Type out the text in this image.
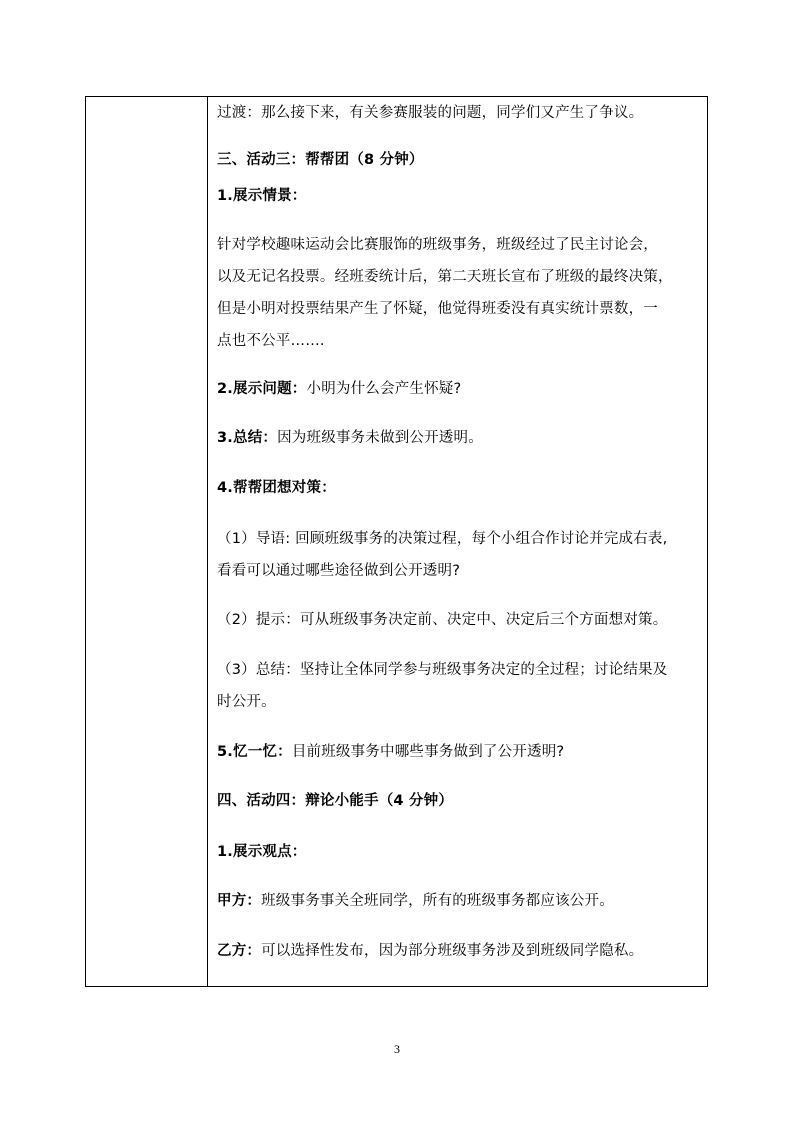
过渡：那么接下来，有关参赛服装的问题，同学们又产生了争议。
三、活动三：帮帮团（8 分钟）
1.展示情景：
针对学校趣味运动会比赛服饰的班级事务，班级经过了民主讨论会，
以及无记名投票。经班委统计后，第二天班长宣布了班级的最终决策，
但是小明对投票结果产生了怀疑，他觉得班委没有真实统计票数，一
点也不公平…….
2.展示问题：小明为什么会产生怀疑?
3.总结：因为班级事务未做到公开透明。
4.帮帮团想对策：
（1）导语: 回顾班级事务的决策过程，每个小组合作讨论并完成右表,
看看可以通过哪些途径做到公开透明?
（2）提示：可从班级事务决定前、决定中、决定后三个方面想对策。
（3）总结：坚持让全体同学参与班级事务决定的全过程；讨论结果及
时公开。
5.忆一忆：目前班级事务中哪些事务做到了公开透明?
四、活动四：辩论小能手（4 分钟）
1.展示观点：
甲方：班级事务事关全班同学，所有的班级事务都应该公开。
乙方：可以选择性发布，因为部分班级事务涉及到班级同学隐私。
3
